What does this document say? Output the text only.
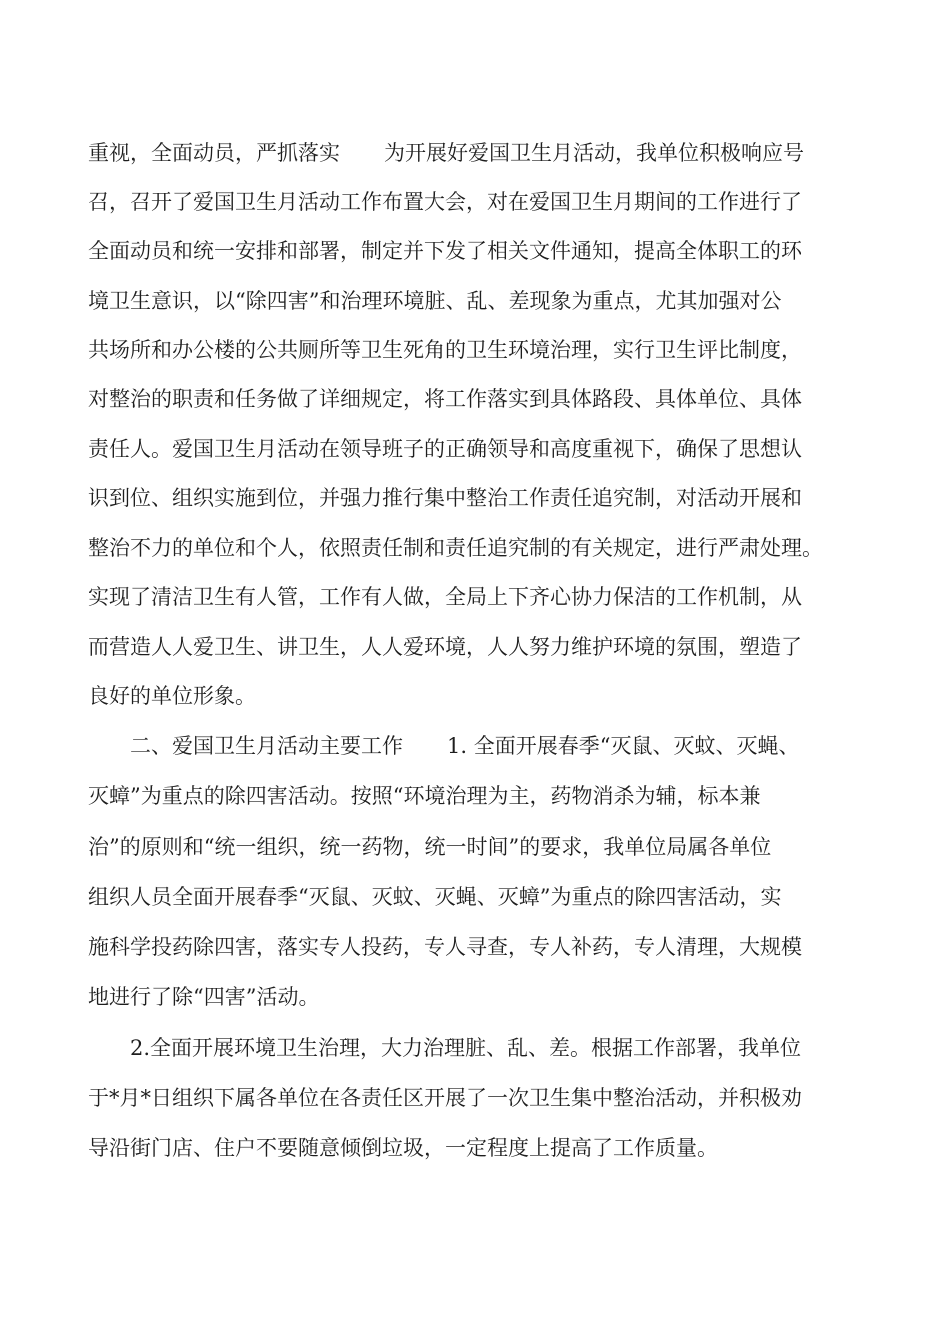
重视，全面动员，严抓落实 为开展好爱国卫生月活动，我单位积极响应号
召，召开了爱国卫生月活动工作布置大会，对在爱国卫生月期间的工作进行了
全面动员和统一安排和部署，制定并下发了相关文件通知，提高全体职工的环
境卫生意识，以“除四害”和治理环境脏、乱、差现象为重点，尤其加强对公
共场所和办公楼的公共厕所等卫生死角的卫生环境治理，实行卫生评比制度，
对整治的职责和任务做了详细规定，将工作落实到具体路段、具体单位、具体
责任人。爱国卫生月活动在领导班子的正确领导和高度重视下，确保了思想认
识到位、组织实施到位，并强力推行集中整治工作责任追究制，对活动开展和
整治不力的单位和个人，依照责任制和责任追究制的有关规定，进行严肃处理。
实现了清洁卫生有人管，工作有人做，全局上下齐心协力保洁的工作机制，从
而营造人人爱卫生、讲卫生，人人爱环境，人人努力维护环境的氛围，塑造了
良好的单位形象。
二、爱国卫生月活动主要工作 1. 全面开展春季“灭鼠、灭蚊、灭蝇、
灭蟑”为重点的除四害活动。按照“环境治理为主，药物消杀为辅，标本兼
治”的原则和“统一组织，统一药物，统一时间”的要求，我单位局属各单位
组织人员全面开展春季“灭鼠、灭蚊、灭蝇、灭蟑”为重点的除四害活动，实
施科学投药除四害，落实专人投药，专人寻查，专人补药，专人清理，大规模
地进行了除“四害”活动。
2.全面开展环境卫生治理，大力治理脏、乱、差。根据工作部署，我单位
于*月*日组织下属各单位在各责任区开展了一次卫生集中整治活动，并积极劝
导沿街门店、住户不要随意倾倒垃圾，一定程度上提高了工作质量。
